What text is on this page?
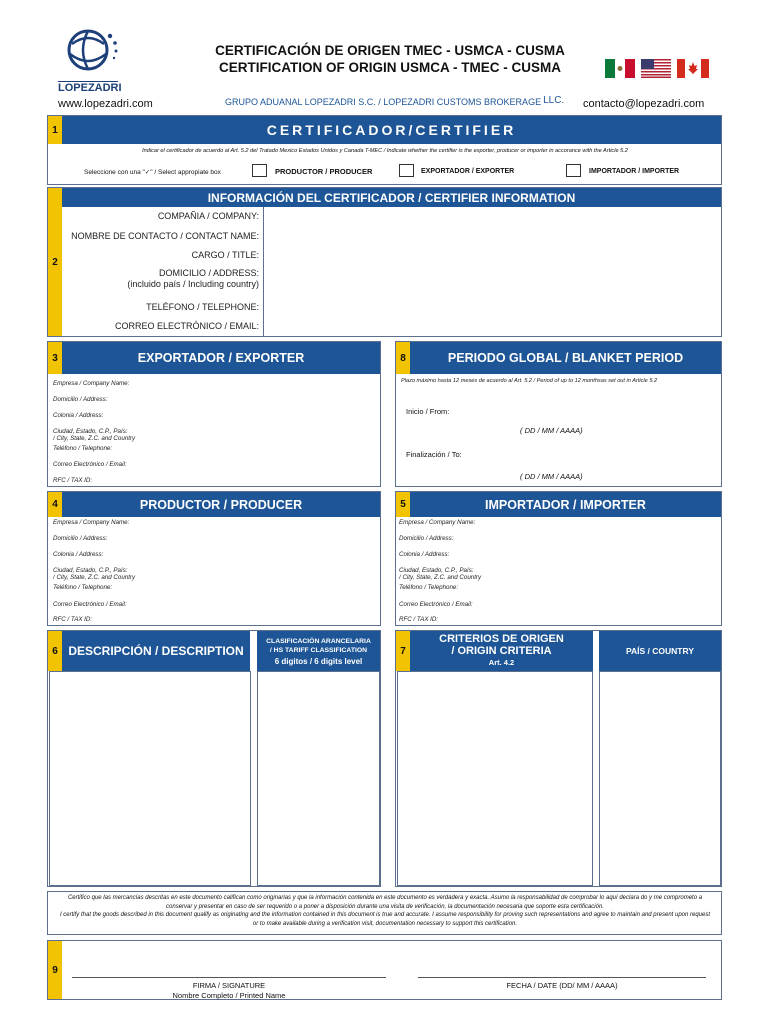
LOPEZADRI
CERTIFICACIÓN DE ORIGEN TMEC - USMCA - CUSMA
CERTIFICATION OF ORIGIN USMCA - TMEC - CUSMA
www.lopezadri.com	GRUPO ADUANAL LOPEZADRI S.C. / LOPEZADRI CUSTOMS BROKERAGE LLC. contacto@lopezadri.com
1	CERTIFICADOR/CERTIFIER
Indicar el certificador de acuerdo al Art. 5.2 del Tratado Mexico Estados Unidos y Canada T-MEC / Indicate whether the certifier is the exporter, producer or importer in accorance with the Article 5.2
Seleccione con una "✓" / Select appropiate box	PRODUCTOR / PRODUCER	EXPORTADOR / EXPORTER	IMPORTADOR / IMPORTER
2
INFORMACIÓN DEL CERTIFICADOR / CERTIFIER INFORMATION
COMPAÑIA / COMPANY:
NOMBRE DE CONTACTO / CONTACT NAME:
CARGO / TITLE:
DOMICILIO / ADDRESS:
(incluido país / Including country)
TELÉFONO / TELEPHONE:
CORREO ELECTRÓNICO / EMAIL:
3	EXPORTADOR / EXPORTER
Empresa / Company Name:
Domicilio / Address:
Colonia / Address:
Ciudad, Estado, C.P., País:
/ City, State, Z.C. and Country
Teléfono / Telephone:
Correo Electrónico / Email:
RFC / TAX ID:
8	PERIODO GLOBAL / BLANKET PERIOD
Plazo máximo hasta 12 meses de acuerdo al Art. 5.2 / Period of up to 12 monthsas set out in Article 5.2
Inicio / From:
( DD / MM / AAAA)
Finalización / To:
( DD / MM / AAAA)
4	PRODUCTOR / PRODUCER
Empresa / Company Name:
Domicilio / Address:
Colonia / Address:
Ciudad, Estado, C.P., País:
/ City, State, Z.C. and Country
Teléfono / Telephone:
Correo Electrónico / Email:
RFC / TAX ID:
5	IMPORTADOR / IMPORTER
Empresa / Company Name:
Domicilio / Address:
Colonia / Address:
Ciudad, Estado, C.P., País:
/ City, State, Z.C. and Country
Teléfono / Telephone:
Correo Electrónico / Email:
RFC / TAX ID:
6 DESCRIPCIÓN / DESCRIPTION
CLASIFICACIÓN ARANCELARIA
/ HS TARIFF CLASSIFICATION
6 digitos / 6 digits level
7
CRITERIOS DE ORIGEN
/ ORIGIN CRITERIA
Art. 4.2
PAÍS / COUNTRY
Certifico que las mercancías descritas en este documento califican como originarias y que la información contenida en este documento es verdadera y exacta. Asumo la responsabilidad de comprobar lo aquí declara do y me comprometo a conservar y presentar en caso de ser requerido o a poner a disposición durante una visita de verificación, la documentación necesaria que soporte esta certificación.
I certify that the goods described in this document qualify as originating and the information contained in this document is true and accurate. I assume responsibility for proving such representations and agree to maintain and present upon request or to make available during a verification visit, documentation necessary to support this certification.
9
FIRMA / SIGNATURE
Nombre Completo / Printed Name
FECHA / DATE (DD/ MM / AAAA)
